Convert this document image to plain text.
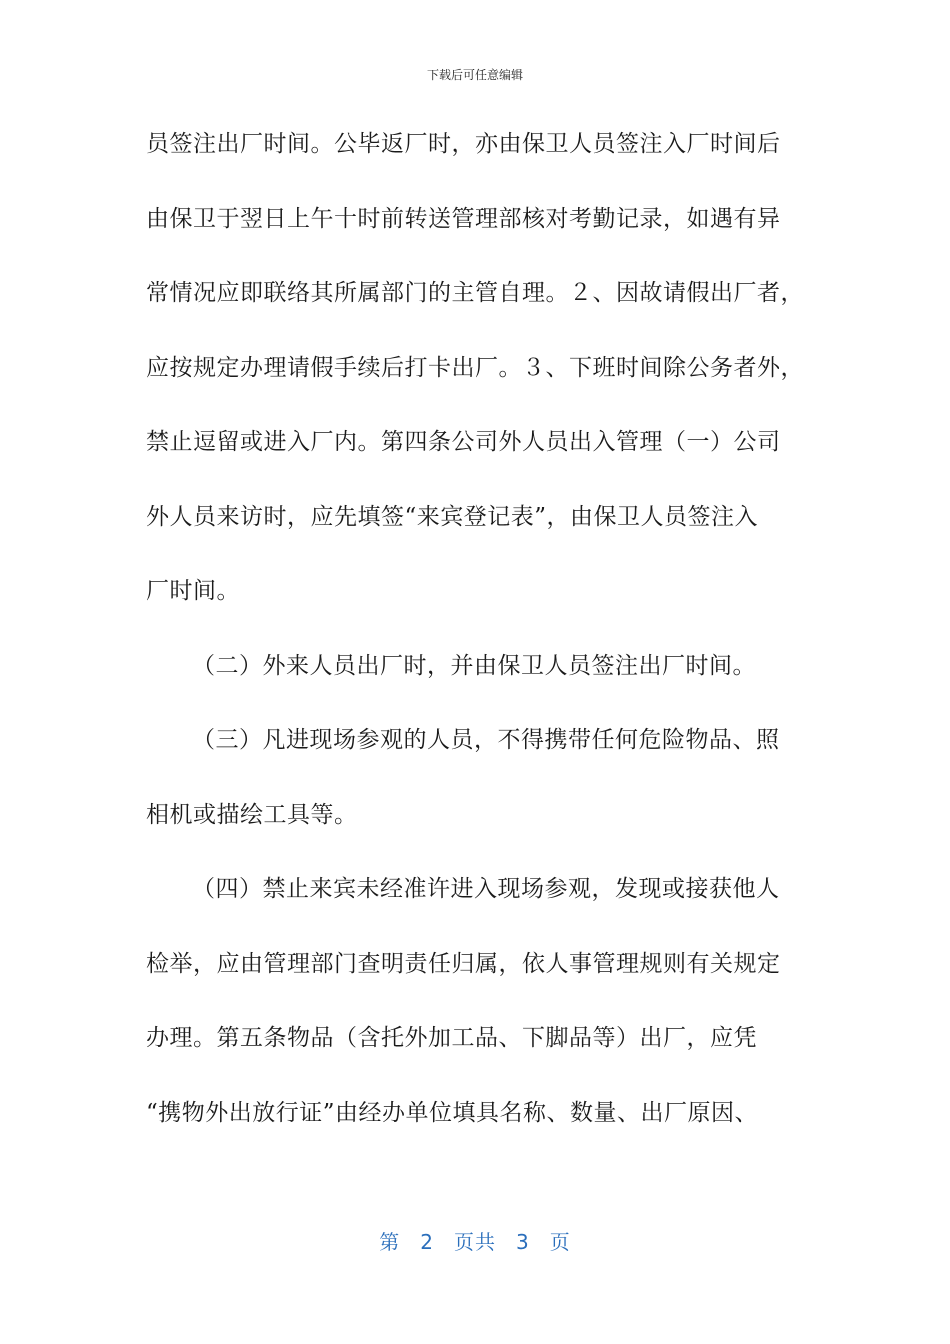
下载后可任意编辑
员签注出厂时间。公毕返厂时，亦由保卫人员签注入厂时间后
由保卫于翌日上午十时前转送管理部核对考勤记录，如遇有异
常情况应即联络其所属部门的主管自理。２、因故请假出厂者，
应按规定办理请假手续后打卡出厂。３、下班时间除公务者外，
禁止逗留或进入厂内。第四条公司外人员出入管理（一）公司
外人员来访时，应先填签“来宾登记表”，由保卫人员签注入
厂时间。
（二）外来人员出厂时，并由保卫人员签注出厂时间。
（三）凡进现场参观的人员，不得携带任何危险物品、照
相机或描绘工具等。
（四）禁止来宾未经准许进入现场参观，发现或接获他人
检举，应由管理部门查明责任归属，依人事管理规则有关规定
办理。第五条物品（含托外加工品、下脚品等）出厂，应凭
“携物外出放行证”由经办单位填具名称、数量、出厂原因、
第 2 页共 3 页
